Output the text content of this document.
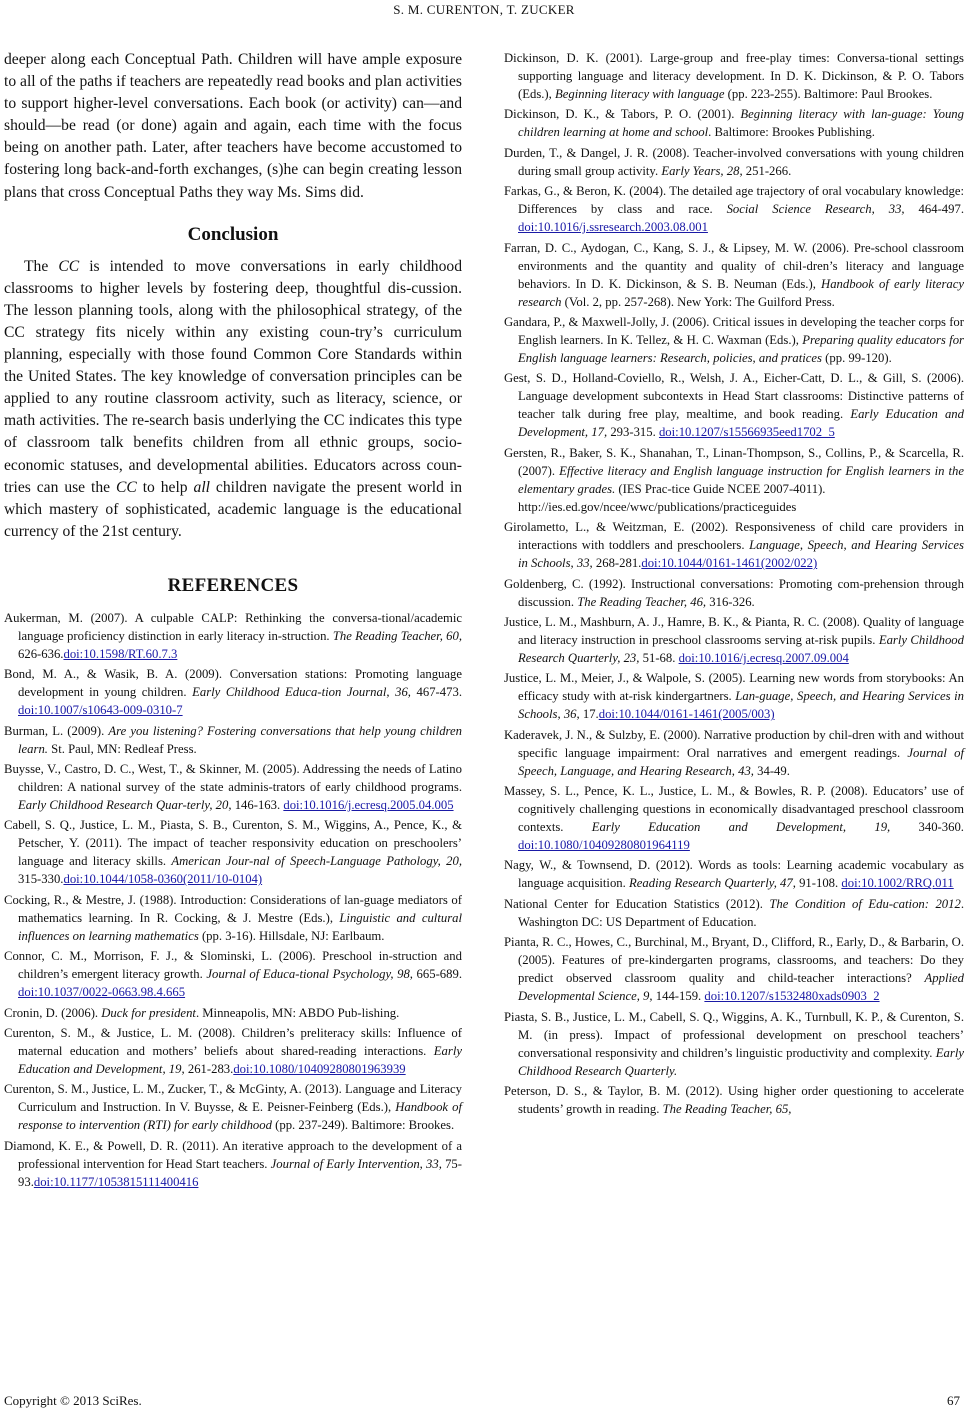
S. M. CURENTON, T. ZUCKER

deeper along each Conceptual Path. Children will have ample exposure to all of the paths if teachers are repeatedly read books and plan activities to support higher-level conversations. Each book (or activity) can—and should—be read (or done) again and again, each time with the focus being on another path. Later, after teachers have become accustomed to fostering long back-and-forth exchanges, (s)he can begin creating lesson plans that cross Conceptual Paths they way Ms. Sims did.

Conclusion

The CC is intended to move conversations in early childhood classrooms to higher levels by fostering deep, thoughtful dis-cussion. The lesson planning tools, along with the philosophical strategy, of the CC strategy fits nicely within any existing coun-try’s curriculum planning, especially with those found Common Core Standards within the United States. The key knowledge of conversation principles can be applied to any routine classroom activity, such as literacy, science, or math activities. The re-search basis underlying the CC indicates this type of classroom talk benefits children from all ethnic groups, socio-economic statuses, and developmental abilities. Educators across coun-tries can use the CC to help all children navigate the present world in which mastery of sophisticated, academic language is the educational currency of the 21st century.

REFERENCES

Aukerman, M. (2007). A culpable CALP: Rethinking the conversa-tional/academic language proficiency distinction in early literacy in-struction. The Reading Teacher, 60, 626-636.doi:10.1598/RT.60.7.3

Bond, M. A., & Wasik, B. A. (2009). Conversation stations: Promoting language development in young children. Early Childhood Educa-tion Journal, 36, 467-473. doi:10.1007/s10643-009-0310-7

Burman, L. (2009). Are you listening? Fostering conversations that help young children learn. St. Paul, MN: Redleaf Press.

Buysse, V., Castro, D. C., West, T., & Skinner, M. (2005). Addressing the needs of Latino children: A national survey of the state adminis-trators of early childhood programs. Early Childhood Research Quar-terly, 20, 146-163. doi:10.1016/j.ecresq.2005.04.005

Cabell, S. Q., Justice, L. M., Piasta, S. B., Curenton, S. M., Wiggins, A., Pence, K., & Petscher, Y. (2011). The impact of teacher responsivity education on preschoolers’ language and literacy skills. American Jour-nal of Speech-Language Pathology, 20, 315-330.doi:10.1044/1058-0360(2011/10-0104)

Cocking, R., & Mestre, J. (1988). Introduction: Considerations of lan-guage mediators of mathematics learning. In R. Cocking, & J. Mestre (Eds.), Linguistic and cultural influences on learning mathematics (pp. 3-16). Hillsdale, NJ: Earlbaum.

Connor, C. M., Morrison, F. J., & Slominski, L. (2006). Preschool in-struction and children’s emergent literacy growth. Journal of Educa-tional Psychology, 98, 665-689. doi:10.1037/0022-0663.98.4.665

Cronin, D. (2006). Duck for president. Minneapolis, MN: ABDO Pub-lishing.

Curenton, S. M., & Justice, L. M. (2008). Children’s preliteracy skills: Influence of maternal education and mothers’ beliefs about shared-reading interactions. Early Education and Development, 19, 261-283.doi:10.1080/10409280801963939

Curenton, S. M., Justice, L. M., Zucker, T., & McGinty, A. (2013). Language and Literacy Curriculum and Instruction. In V. Buysse, & E. Peisner-Feinberg (Eds.), Handbook of response to intervention (RTI) for early childhood (pp. 237-249). Baltimore: Brookes.

Diamond, K. E., & Powell, D. R. (2011). An iterative approach to the development of a professional intervention for Head Start teachers. Journal of Early Intervention, 33, 75-93.doi:10.1177/1053815111400416

Dickinson, D. K. (2001). Large-group and free-play times: Conversa-tional settings supporting language and literacy development. In D. K. Dickinson, & P. O. Tabors (Eds.), Beginning literacy with language (pp. 223-255). Baltimore: Paul Brookes.

Dickinson, D. K., & Tabors, P. O. (2001). Beginning literacy with lan-guage: Young children learning at home and school. Baltimore: Brookes Publishing.

Durden, T., & Dangel, J. R. (2008). Teacher-involved conversations with young children during small group activity. Early Years, 28, 251-266.

Farkas, G., & Beron, K. (2004). The detailed age trajectory of oral vocabulary knowledge: Differences by class and race. Social Science Research, 33, 464-497. doi:10.1016/j.ssresearch.2003.08.001

Farran, D. C., Aydogan, C., Kang, S. J., & Lipsey, M. W. (2006). Pre-school classroom environments and the quantity and quality of chil-dren’s literacy and language behaviors. In D. K. Dickinson, & S. B. Neuman (Eds.), Handbook of early literacy research (Vol. 2, pp. 257-268). New York: The Guilford Press.

Gandara, P., & Maxwell-Jolly, J. (2006). Critical issues in developing the teacher corps for English learners. In K. Tellez, & H. C. Waxman (Eds.), Preparing quality educators for English language learners: Research, policies, and pratices (pp. 99-120).

Gest, S. D., Holland-Coviello, R., Welsh, J. A., Eicher-Catt, D. L., & Gill, S. (2006). Language development subcontexts in Head Start classrooms: Distinctive patterns of teacher talk during free play, mealtime, and book reading. Early Education and Development, 17, 293-315. doi:10.1207/s15566935eed1702_5

Gersten, R., Baker, S. K., Shanahan, T., Linan-Thompson, S., Collins, P., & Scarcella, R. (2007). Effective literacy and English language instruction for English learners in the elementary grades. (IES Prac-tice Guide NCEE 2007-4011).
http://ies.ed.gov/ncee/wwc/publications/practiceguides

Girolametto, L., & Weitzman, E. (2002). Responsiveness of child care providers in interactions with toddlers and preschoolers. Language, Speech, and Hearing Services in Schools, 33, 268-281.doi:10.1044/0161-1461(2002/022)

Goldenberg, C. (1992). Instructional conversations: Promoting com-prehension through discussion. The Reading Teacher, 46, 316-326.

Justice, L. M., Mashburn, A. J., Hamre, B. K., & Pianta, R. C. (2008). Quality of language and literacy instruction in preschool classrooms serving at-risk pupils. Early Childhood Research Quarterly, 23, 51-68. doi:10.1016/j.ecresq.2007.09.004

Justice, L. M., Meier, J., & Walpole, S. (2005). Learning new words from storybooks: An efficacy study with at-risk kindergartners. Lan-guage, Speech, and Hearing Services in Schools, 36, 17.doi:10.1044/0161-1461(2005/003)

Kaderavek, J. N., & Sulzby, E. (2000). Narrative production by chil-dren with and without specific language impairment: Oral narratives and emergent readings. Journal of Speech, Language, and Hearing Research, 43, 34-49.

Massey, S. L., Pence, K. L., Justice, L. M., & Bowles, R. P. (2008). Educators’ use of cognitively challenging questions in economically disadvantaged preschool classroom contexts. Early Education and Development, 19, 340-360. doi:10.1080/10409280801964119

Nagy, W., & Townsend, D. (2012). Words as tools: Learning academic vocabulary as language acquisition. Reading Research Quarterly, 47, 91-108. doi:10.1002/RRQ.011

National Center for Education Statistics (2012). The Condition of Edu-cation: 2012. Washington DC: US Department of Education.

Pianta, R. C., Howes, C., Burchinal, M., Bryant, D., Clifford, R., Early, D., & Barbarin, O. (2005). Features of pre-kindergarten programs, classrooms, and teachers: Do they predict observed classroom quality and child-teacher interactions? Applied Developmental Science, 9, 144-159. doi:10.1207/s1532480xads0903_2

Piasta, S. B., Justice, L. M., Cabell, S. Q., Wiggins, A. K., Turnbull, K. P., & Curenton, S. M. (in press). Impact of professional development on preschool teachers’ conversational responsivity and children’s linguistic productivity and complexity. Early Childhood Research Quarterly.

Peterson, D. S., & Taylor, B. M. (2012). Using higher order questioning to accelerate students’ growth in reading. The Reading Teacher, 65,

Copyright © 2013 SciRes.	67
